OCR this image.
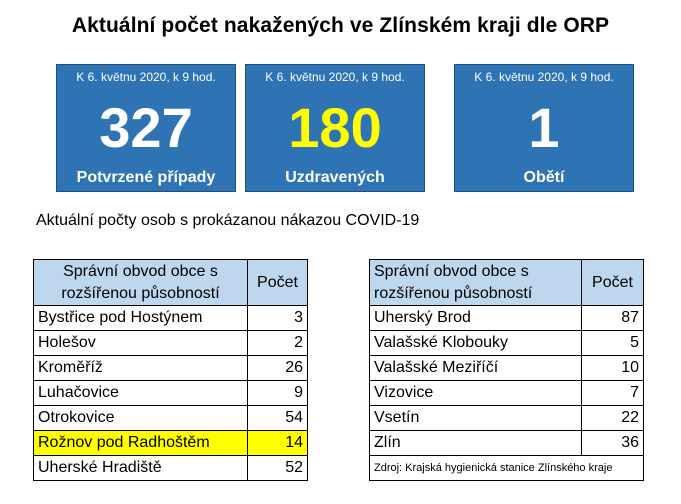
Aktuální počet nakažených ve Zlínském kraji dle ORP
K 6. květnu 2020, k 9 hod.
327
Potvrzené případy
K 6. květnu 2020, k 9 hod.
180
Uzdravených
K 6. květnu 2020, k 9 hod.
1
Obětí
Aktuální počty osob s prokázanou nákazou COVID-19
Správní obvod obce s
rozšířenou působností	Počet
Bystřice pod Hostýnem	3
Holešov	2
Kroměříž	26
Luhačovice	9
Otrokovice	54
Rožnov pod Radhoštěm	14
Uherské Hradiště	52
Správní obvod obce s
rozšířenou působností	Počet
Uherský Brod	87
Valašské Klobouky	5
Valašské Meziříčí	10
Vizovice	7
Vsetín	22
Zlín	36
Zdroj: Krajská hygienická stanice Zlínského kraje	
